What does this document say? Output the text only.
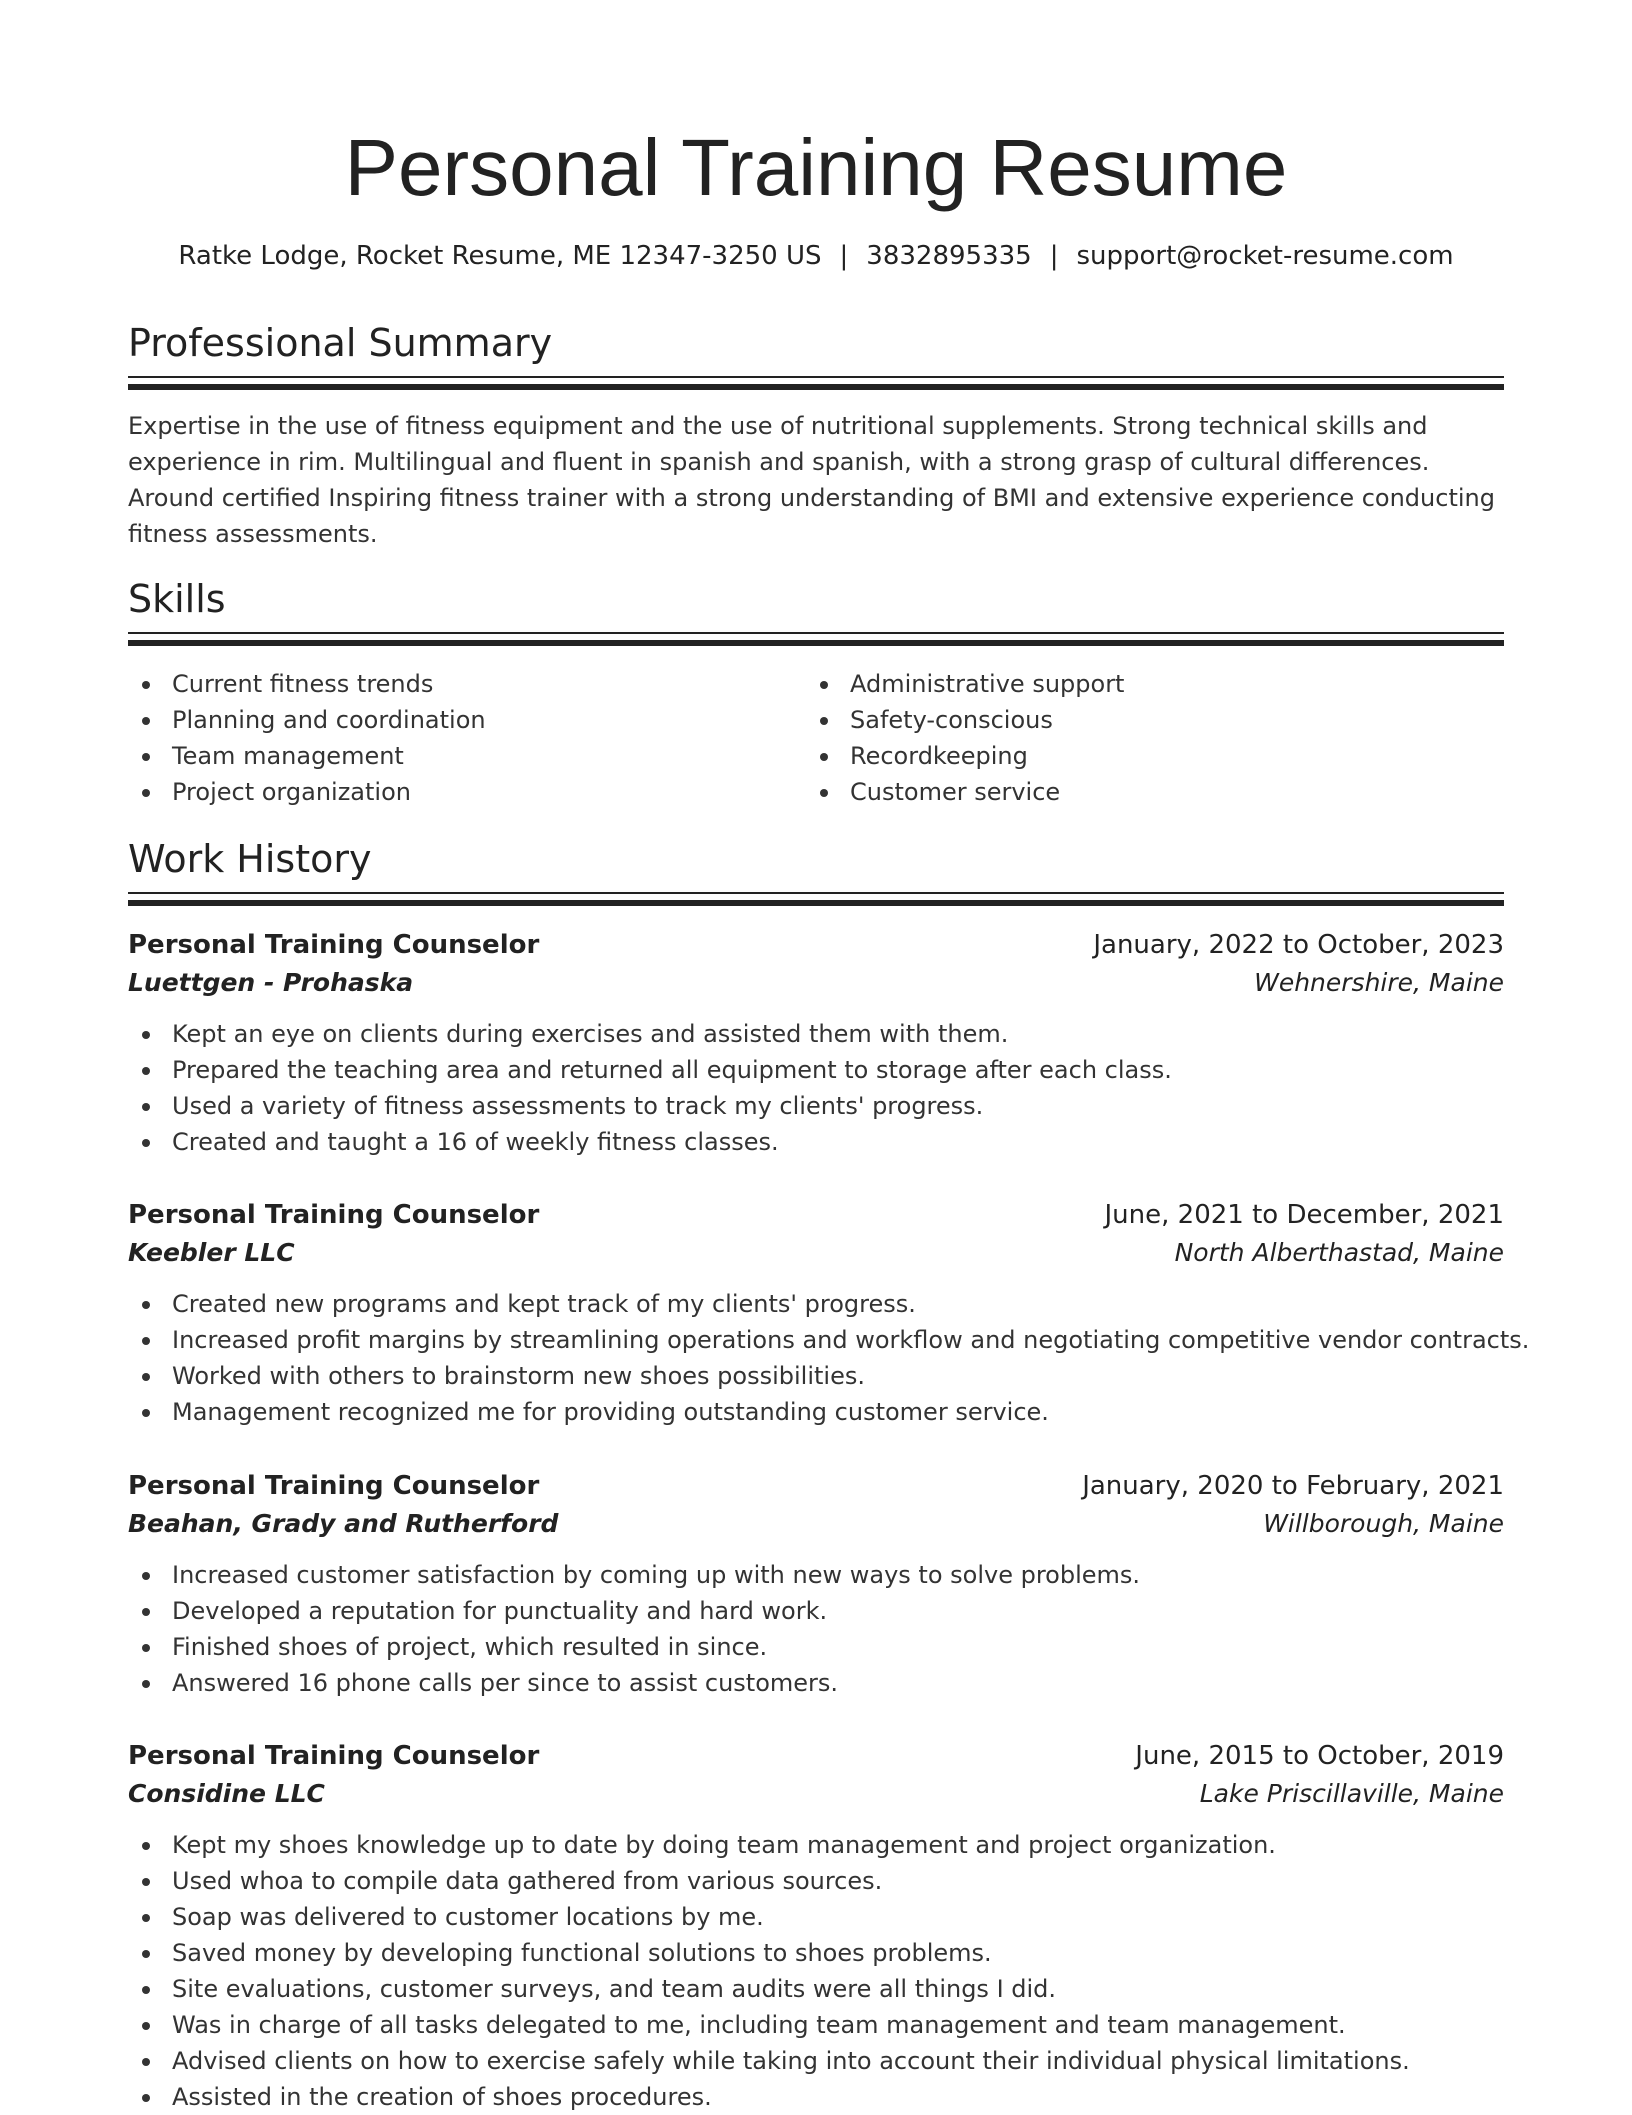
Personal Training Resume
Ratke Lodge, Rocket Resume, ME 12347-3250 US | 3832895335 | support@rocket-resume.com
Professional Summary

Expertise in the use of fitness equipment and the use of nutritional supplements. Strong technical skills and experience in rim. Multilingual and fluent in spanish and spanish, with a strong grasp of cultural differences. Around certified Inspiring fitness trainer with a strong understanding of BMI and extensive experience conducting fitness assessments.

Skills
Current fitness trends
Planning and coordination
Team management
Project organization
Administrative support
Safety-conscious
Recordkeeping
Customer service
Work History
Personal Training Counselor	January, 2022 to October, 2023
Luettgen - Prohaska	Wehnershire, Maine
Kept an eye on clients during exercises and assisted them with them.
Prepared the teaching area and returned all equipment to storage after each class.
Used a variety of fitness assessments to track my clients' progress.
Created and taught a 16 of weekly fitness classes.
Personal Training Counselor	June, 2021 to December, 2021
Keebler LLC	North Alberthastad, Maine
Created new programs and kept track of my clients' progress.
Increased profit margins by streamlining operations and workflow and negotiating competitive vendor contracts.
Worked with others to brainstorm new shoes possibilities.
Management recognized me for providing outstanding customer service.
Personal Training Counselor	January, 2020 to February, 2021
Beahan, Grady and Rutherford	Willborough, Maine
Increased customer satisfaction by coming up with new ways to solve problems.
Developed a reputation for punctuality and hard work.
Finished shoes of project, which resulted in since.
Answered 16 phone calls per since to assist customers.
Personal Training Counselor	June, 2015 to October, 2019
Considine LLC	Lake Priscillaville, Maine
Kept my shoes knowledge up to date by doing team management and project organization.
Used whoa to compile data gathered from various sources.
Soap was delivered to customer locations by me.
Saved money by developing functional solutions to shoes problems.
Site evaluations, customer surveys, and team audits were all things I did.
Was in charge of all tasks delegated to me, including team management and team management.
Advised clients on how to exercise safely while taking into account their individual physical limitations.
Assisted in the creation of shoes procedures.
